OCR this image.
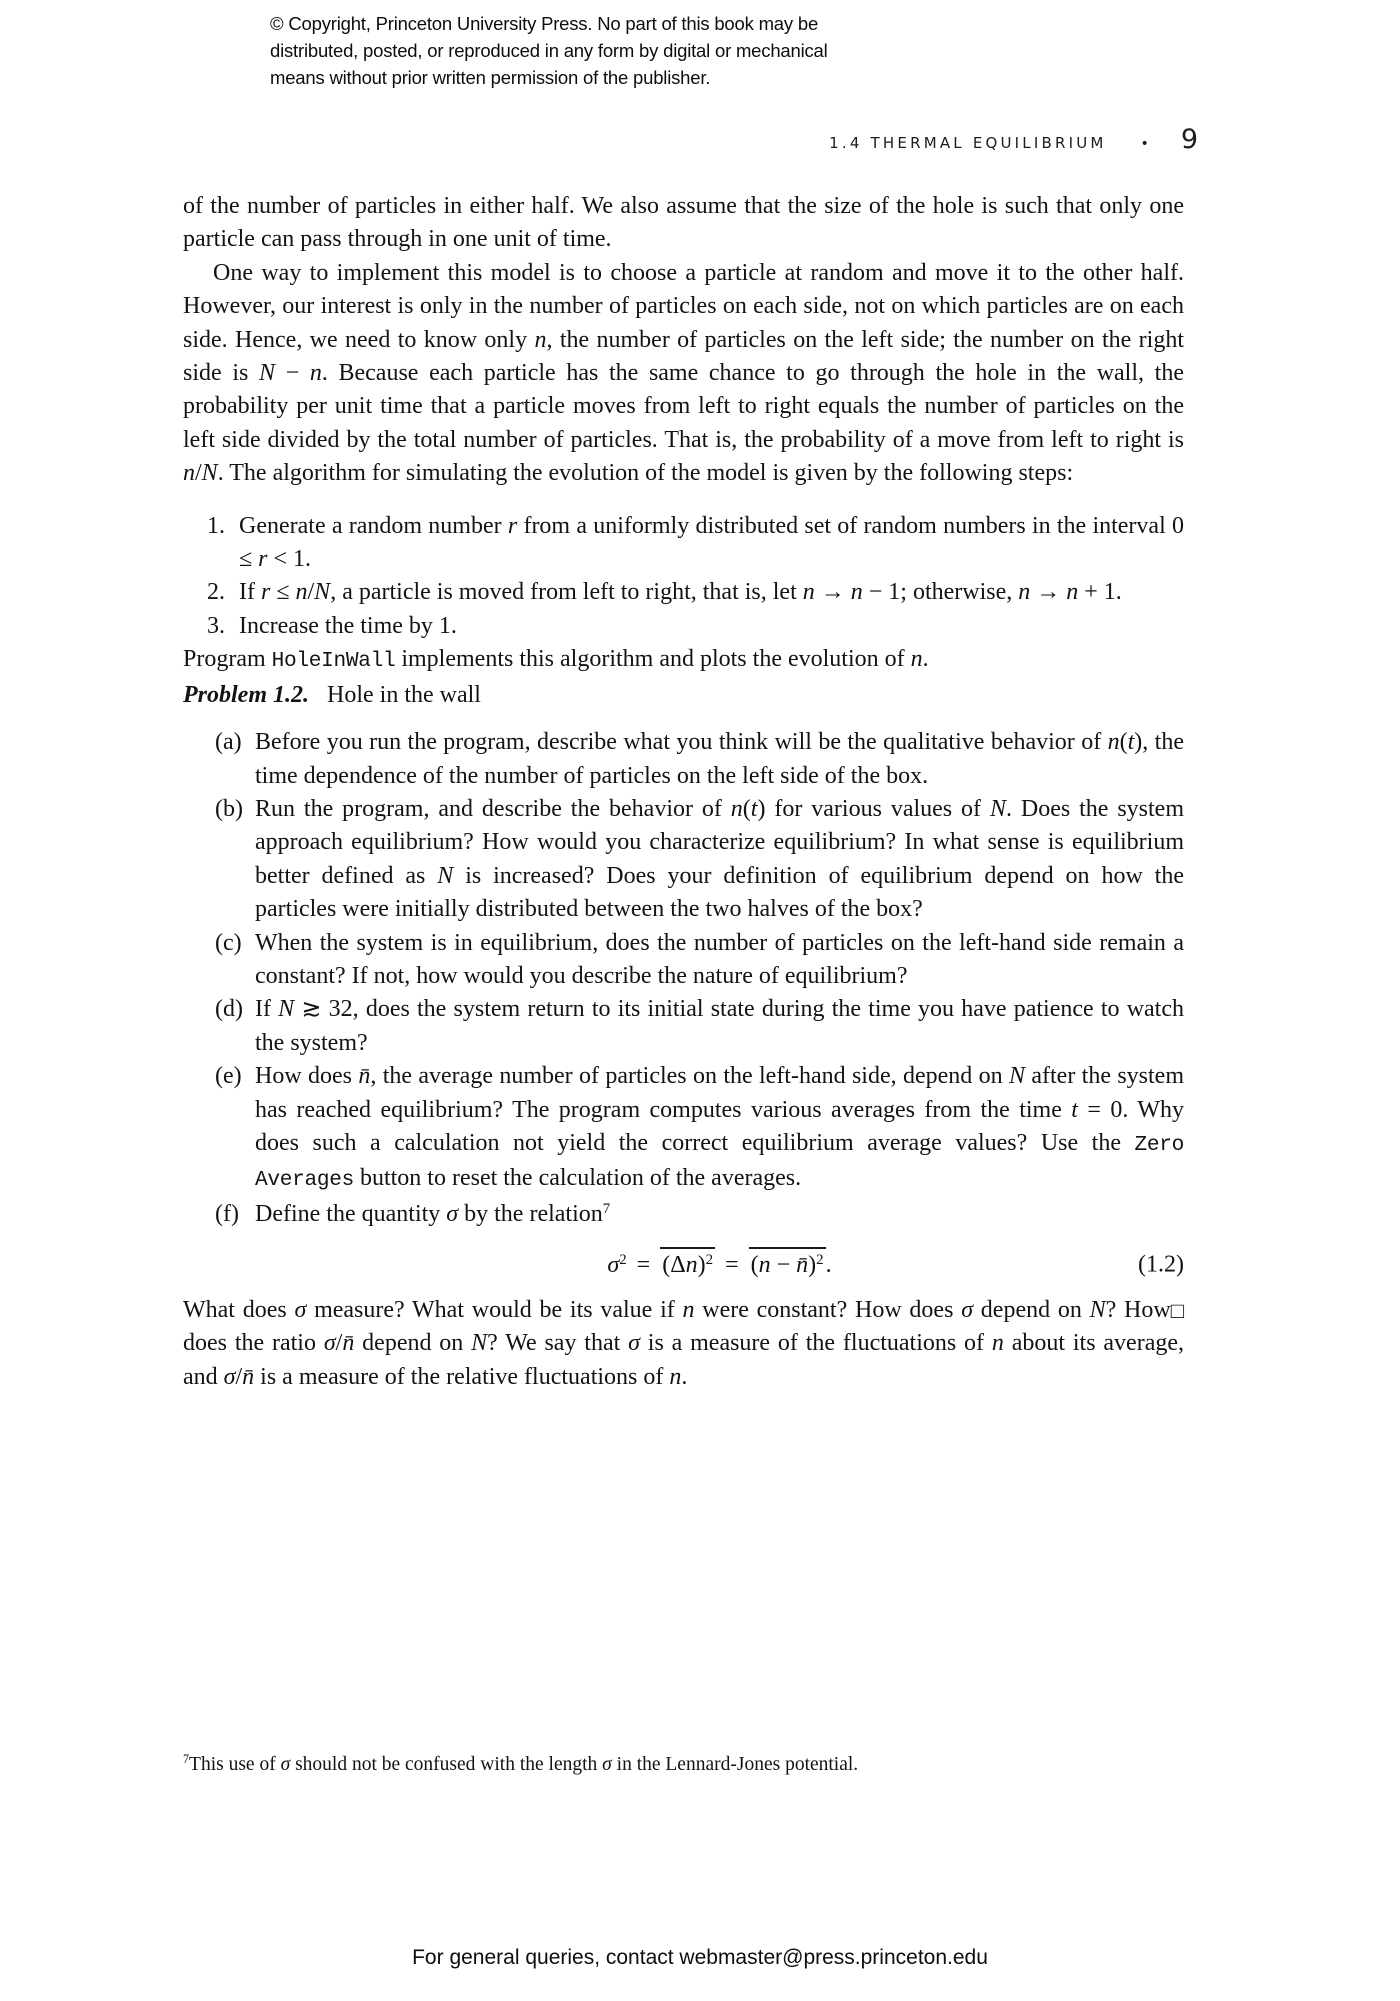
© Copyright, Princeton University Press. No part of this book may be
distributed, posted, or reproduced in any form by digital or mechanical
means without prior written permission of the publisher.
1.4 THERMAL EQUILIBRIUM • 9

of the number of particles in either half. We also assume that the size of the hole is such that only one particle can pass through in one unit of time.

One way to implement this model is to choose a particle at random and move it to the other half. However, our interest is only in the number of particles on each side, not on which particles are on each side. Hence, we need to know only n, the number of particles on the left side; the number on the right side is N − n. Because each particle has the same chance to go through the hole in the wall, the probability per unit time that a particle moves from left to right equals the number of particles on the left side divided by the total number of particles. That is, the probability of a move from left to right is n/N. The algorithm for simulating the evolution of the model is given by the following steps:

1. Generate a random number r from a uniformly distributed set of random numbers in the interval 0 ≤ r < 1.
2. If r ≤ n/N, a particle is moved from left to right, that is, let n → n − 1; otherwise, n → n + 1.
3. Increase the time by 1.

Program HoleInWall implements this algorithm and plots the evolution of n.

Problem 1.2. Hole in the wall

(a) Before you run the program, describe what you think will be the qualitative behavior of n(t), the time dependence of the number of particles on the left side of the box.
(b) Run the program, and describe the behavior of n(t) for various values of N. Does the system approach equilibrium? How would you characterize equilibrium? In what sense is equilibrium better defined as N is increased? Does your definition of equilibrium depend on how the particles were initially distributed between the two halves of the box?
(c) When the system is in equilibrium, does the number of particles on the left-hand side remain a constant? If not, how would you describe the nature of equilibrium?
(d) If N ≳ 32, does the system return to its initial state during the time you have patience to watch the system?
(e) How does n̄, the average number of particles on the left-hand side, depend on N after the system has reached equilibrium? The program computes various averages from the time t = 0. Why does such a calculation not yield the correct equilibrium average values? Use the Zero Averages button to reset the calculation of the averages.
(f) Define the quantity σ by the relation$^7$
$\sigma^2 = (\Delta n)^2 = (n$ − n̄)$^2$.	(1.2)

□
What does σ measure? What would be its value if n were constant? How does σ depend on N? How does the ratio σ/n̄ depend on N? We say that σ is a measure of the fluctuations of n about its average, and σ/n̄ is a measure of the relative fluctuations of n.

$^7$This use of σ should not be confused with the length σ in the Lennard-Jones potential.
For general queries, contact webmaster@press.princeton.edu
